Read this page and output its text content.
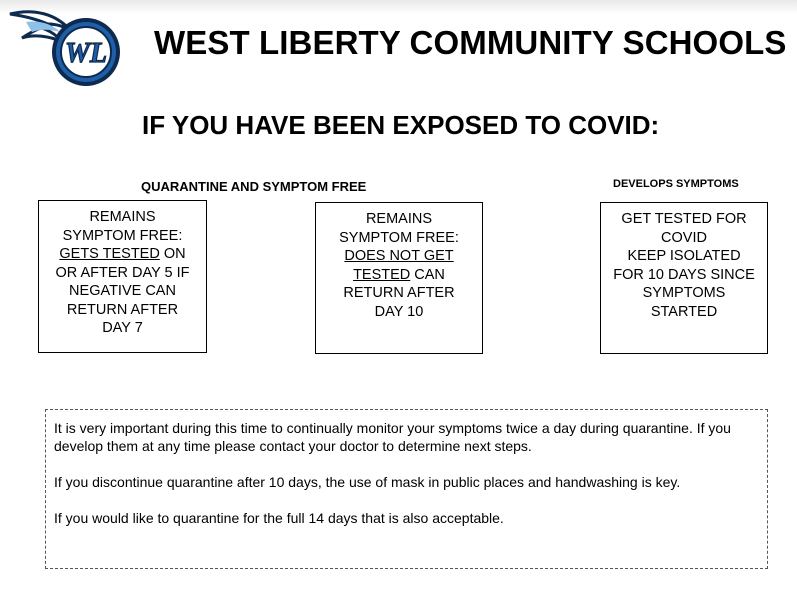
WL WEST LIBERTY COMMUNITY SCHOOLS
IF YOU HAVE BEEN EXPOSED TO COVID:
QUARANTINE AND SYMPTOM FREE	DEVELOPS SYMPTOMS
REMAINS
SYMPTOM FREE:
GETS TESTED ON
OR AFTER DAY 5 IF
NEGATIVE CAN
RETURN AFTER
DAY 7
REMAINS
SYMPTOM FREE:
DOES NOT GET
TESTED CAN
RETURN AFTER
DAY 10
GET TESTED FOR
COVID
KEEP ISOLATED
FOR 10 DAYS SINCE
SYMPTOMS
STARTED

It is very important during this time to continually monitor your symptoms twice a day during quarantine. If you develop them at any time please contact your doctor to determine next steps.

If you discontinue quarantine after 10 days, the use of mask in public places and handwashing is key.

If you would like to quarantine for the full 14 days that is also acceptable.
